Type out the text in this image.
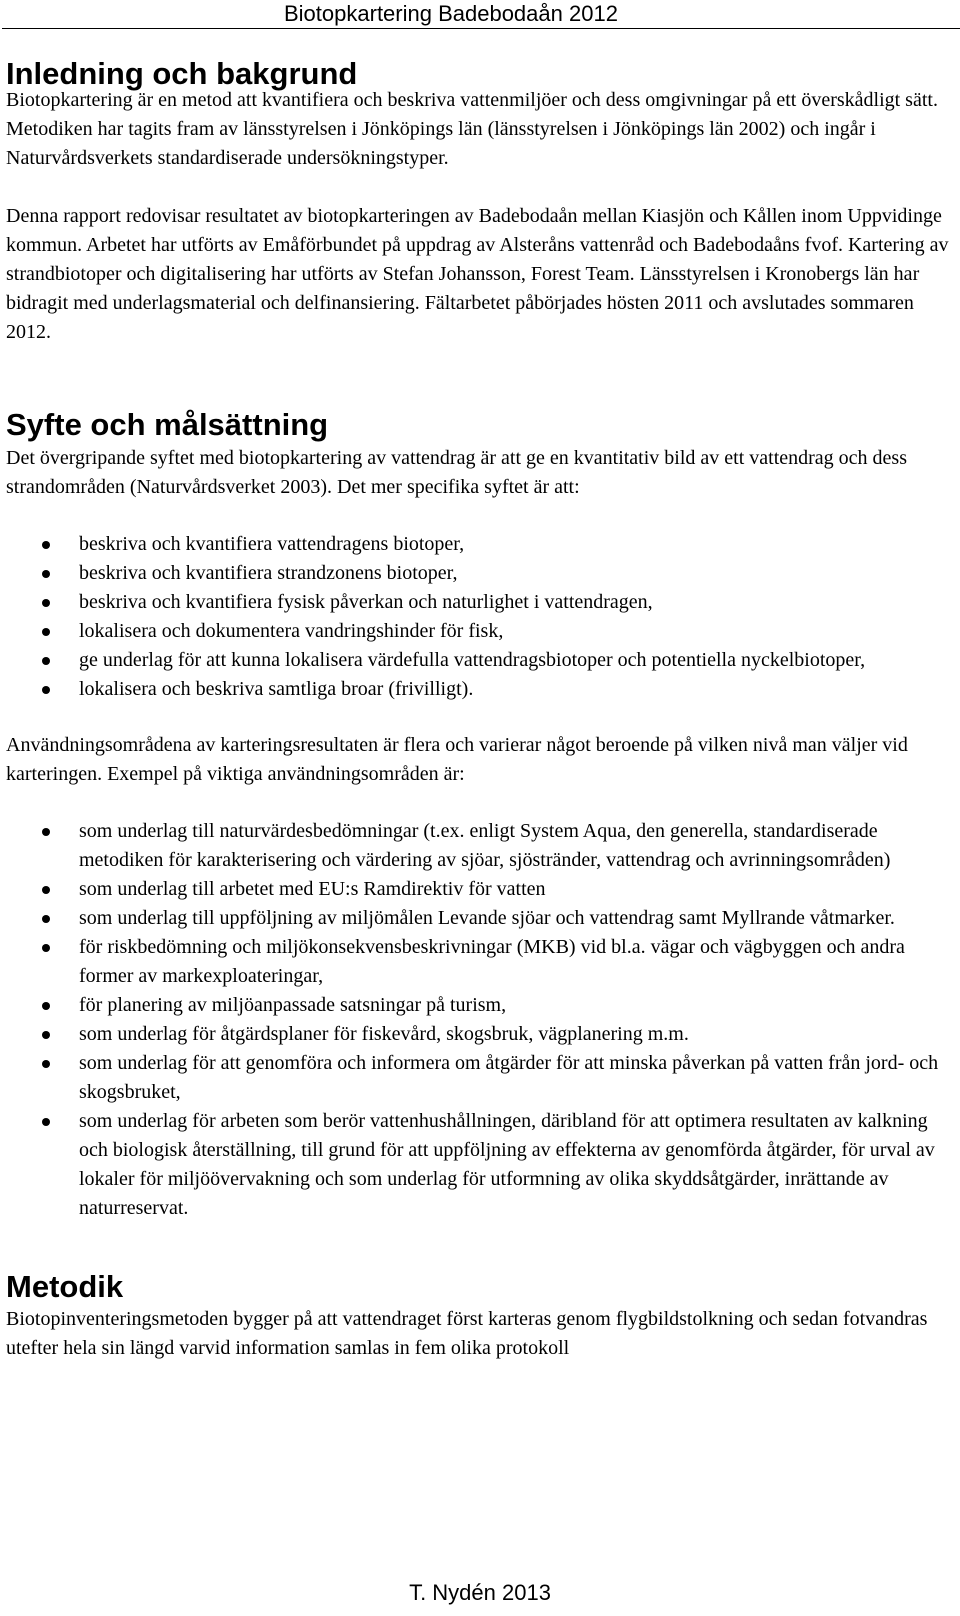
Biotopkartering Badebodaån 2012
Inledning och bakgrund

Biotopkartering är en metod att kvantifiera och beskriva vattenmiljöer och dess omgivningar på ett överskådligt sätt. Metodiken har tagits fram av länsstyrelsen i Jönköpings län (länsstyrelsen i Jönköpings län 2002) och ingår i Naturvårdsverkets standardiserade undersökningstyper.

Denna rapport redovisar resultatet av biotopkarteringen av Badebodaån mellan Kiasjön och Kållen inom Uppvidinge kommun. Arbetet har utförts av Emåförbundet på uppdrag av Alsteråns vattenråd och Badebodaåns fvof. Kartering av strandbiotoper och digitalisering har utförts av Stefan Johansson, Forest Team. Länsstyrelsen i Kronobergs län har bidragit med underlagsmaterial och delfinansiering. Fältarbetet påbörjades hösten 2011 och avslutades sommaren 2012.

Syfte och målsättning

Det övergripande syftet med biotopkartering av vattendrag är att ge en kvantitativ bild av ett vattendrag och dess strandområden (Naturvårdsverket 2003). Det mer specifika syftet är att:

beskriva och kvantifiera vattendragens biotoper,
beskriva och kvantifiera strandzonens biotoper,
beskriva och kvantifiera fysisk påverkan och naturlighet i vattendragen,
lokalisera och dokumentera vandringshinder för fisk,
ge underlag för att kunna lokalisera värdefulla vattendragsbiotoper och potentiella nyckelbiotoper,
lokalisera och beskriva samtliga broar (frivilligt).

Användningsområdena av karteringsresultaten är flera och varierar något beroende på vilken nivå man väljer vid karteringen. Exempel på viktiga användningsområden är:

som underlag till naturvärdesbedömningar (t.ex. enligt System Aqua, den generella, standardiserade metodiken för karakterisering och värdering av sjöar, sjöstränder, vattendrag och avrinningsområden)
som underlag till arbetet med EU:s Ramdirektiv för vatten
som underlag till uppföljning av miljömålen Levande sjöar och vattendrag samt Myllrande våtmarker.
för riskbedömning och miljökonsekvensbeskrivningar (MKB) vid bl.a. vägar och vägbyggen och andra former av markexploateringar,
för planering av miljöanpassade satsningar på turism,
som underlag för åtgärdsplaner för fiskevård, skogsbruk, vägplanering m.m.
som underlag för att genomföra och informera om åtgärder för att minska påverkan på vatten från jord- och skogsbruket,
som underlag för arbeten som berör vattenhushållningen, däribland för att optimera resultaten av kalkning och biologisk återställning, till grund för att uppföljning av effekterna av genomförda åtgärder, för urval av lokaler för miljöövervakning och som underlag för utformning av olika skyddsåtgärder, inrättande av naturreservat.
Metodik

Biotopinventeringsmetoden bygger på att vattendraget först karteras genom flygbildstolkning och sedan fotvandras utefter hela sin längd varvid information samlas in fem olika protokoll

T. Nydén 2013
